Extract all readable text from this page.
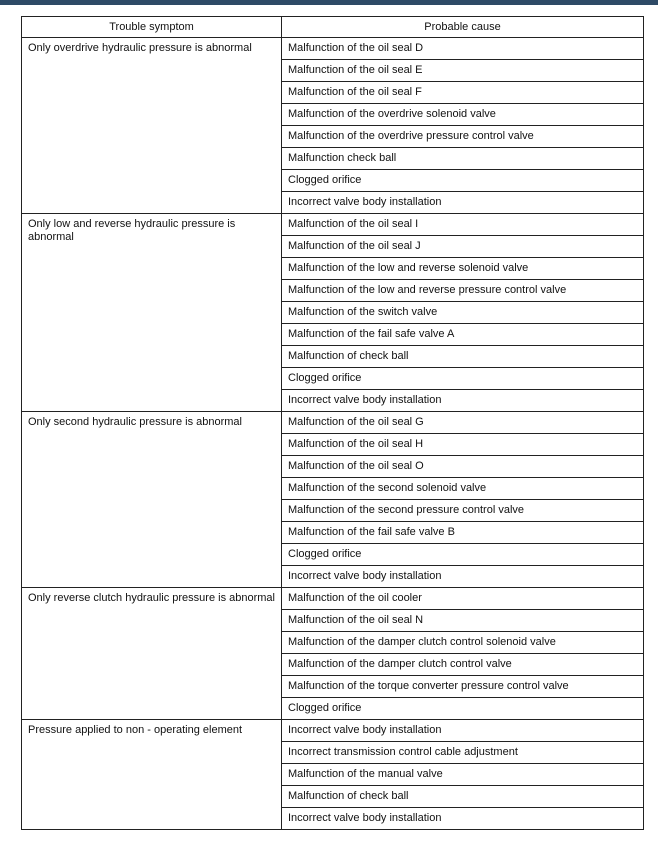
Trouble symptom	Probable cause
Only overdrive hydraulic pressure is abnormal	Malfunction of the oil seal D
	Malfunction of the oil seal E
	Malfunction of the oil seal F
	Malfunction of the overdrive solenoid valve
	Malfunction of the overdrive pressure control valve
	Malfunction check ball
	Clogged orifice
	Incorrect valve body installation
Only low and reverse hydraulic pressure is abnormal	Malfunction of the oil seal I
	Malfunction of the oil seal J
	Malfunction of the low and reverse solenoid valve
	Malfunction of the low and reverse pressure control valve
	Malfunction of the switch valve
	Malfunction of the fail safe valve A
	Malfunction of check ball
	Clogged orifice
	Incorrect valve body installation
Only second hydraulic pressure is abnormal	Malfunction of the oil seal G
	Malfunction of the oil seal H
	Malfunction of the oil seal O
	Malfunction of the second solenoid valve
	Malfunction of the second pressure control valve
	Malfunction of the fail safe valve B
	Clogged orifice
	Incorrect valve body installation
Only reverse clutch hydraulic pressure is abnormal	Malfunction of the oil cooler
	Malfunction of the oil seal N
	Malfunction of the damper clutch control solenoid valve
	Malfunction of the damper clutch control valve
	Malfunction of the torque converter pressure control valve
	Clogged orifice
Pressure applied to non - operating element	Incorrect valve body installation
	Incorrect transmission control cable adjustment
	Malfunction of the manual valve
	Malfunction of check ball
	Incorrect valve body installation
